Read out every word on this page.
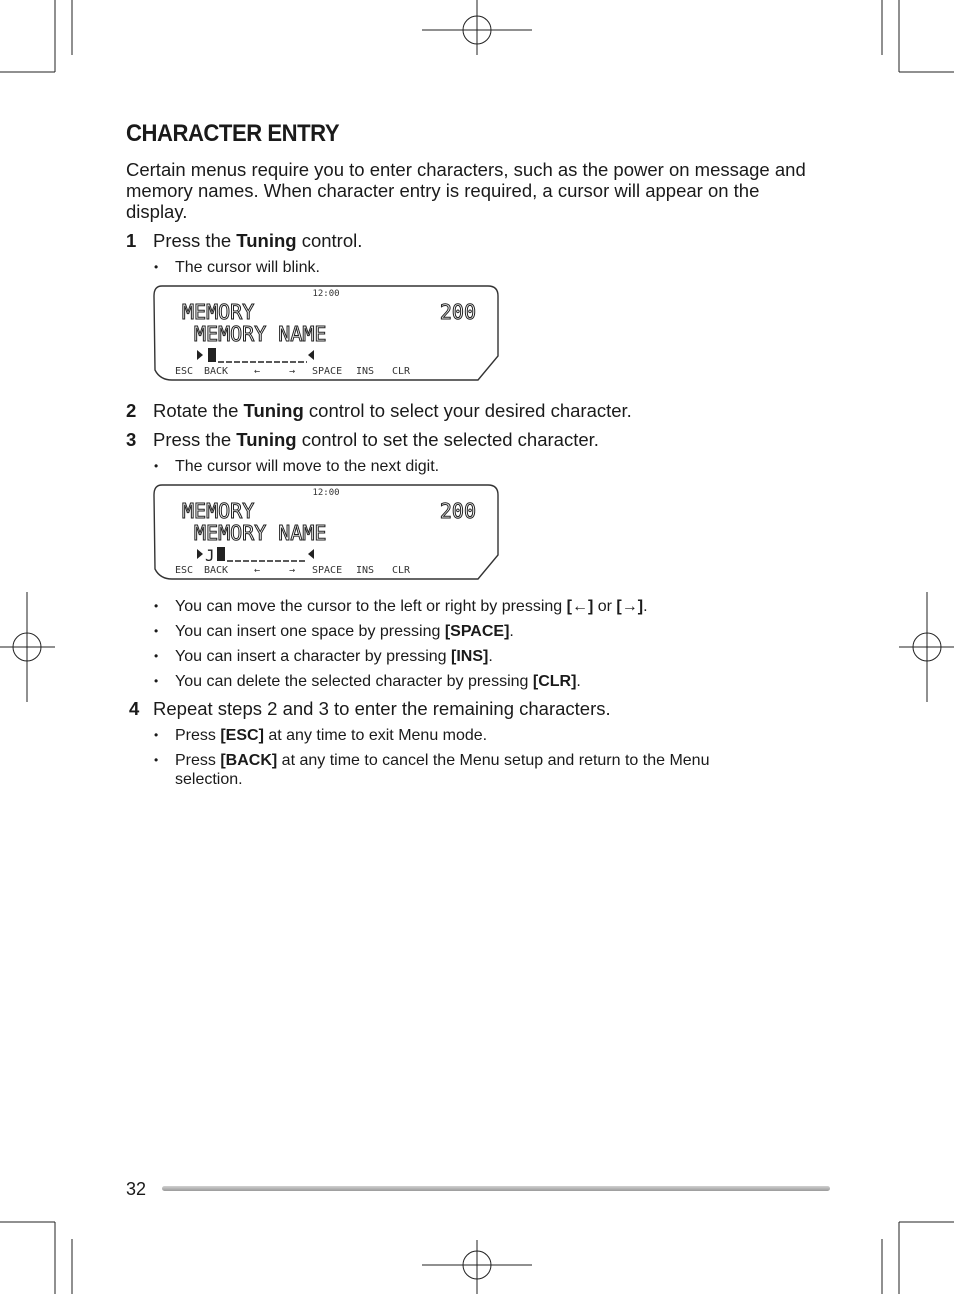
CHARACTER ENTRY

Certain menus require you to enter characters, such as the power on message and memory names. When character entry is required, a cursor will appear on the display.

1 Press the Tuning control.
• The cursor will blink.
12:00
MEMORY	200
MEMORY NAME
ESC BACK	←	→ SPACE INS CLR
2 Rotate the Tuning control to select your desired character.
3 Press the Tuning control to set the selected character.
• The cursor will move to the next digit.
12:00
MEMORY	200
MEMORY NAME
J
ESC BACK	←	→ SPACE INS CLR
• You can move the cursor to the left or right by pressing [←] or [→].
• You can insert one space by pressing [SPACE].
• You can insert a character by pressing [INS].
• You can delete the selected character by pressing [CLR].
4 Repeat steps 2 and 3 to enter the remaining characters.
• Press [ESC] at any time to exit Menu mode.
• Press [BACK] at any time to cancel the Menu setup and return to the Menu selection.
32
